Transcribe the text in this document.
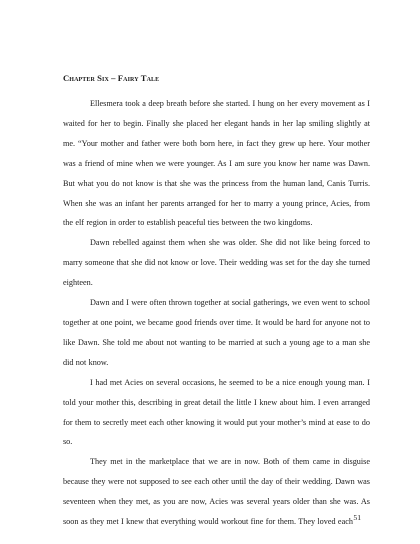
Chapter Six – Fairy Tale

Ellesmera took a deep breath before she started. I hung on her every movement as I waited for her to begin. Finally she placed her elegant hands in her lap smiling slightly at me. “Your mother and father were both born here, in fact they grew up here. Your mother was a friend of mine when we were younger. As I am sure you know her name was Dawn. But what you do not know is that she was the princess from the human land, Canis Turris. When she was an infant her parents arranged for her to marry a young prince, Acies, from the elf region in order to establish peaceful ties between the two kingdoms.

Dawn rebelled against them when she was older. She did not like being forced to marry someone that she did not know or love. Their wedding was set for the day she turned eighteen.

Dawn and I were often thrown together at social gatherings, we even went to school together at one point, we became good friends over time. It would be hard for anyone not to like Dawn. She told me about not wanting to be married at such a young age to a man she did not know.

I had met Acies on several occasions, he seemed to be a nice enough young man. I told your mother this, describing in great detail the little I knew about him. I even arranged for them to secretly meet each other knowing it would put your mother’s mind at ease to do so.

They met in the marketplace that we are in now. Both of them came in disguise because they were not supposed to see each other until the day of their wedding. Dawn was seventeen when they met, as you are now, Acies was several years older than she was. As soon as they met I knew that everything would workout fine for them. They loved each 51
